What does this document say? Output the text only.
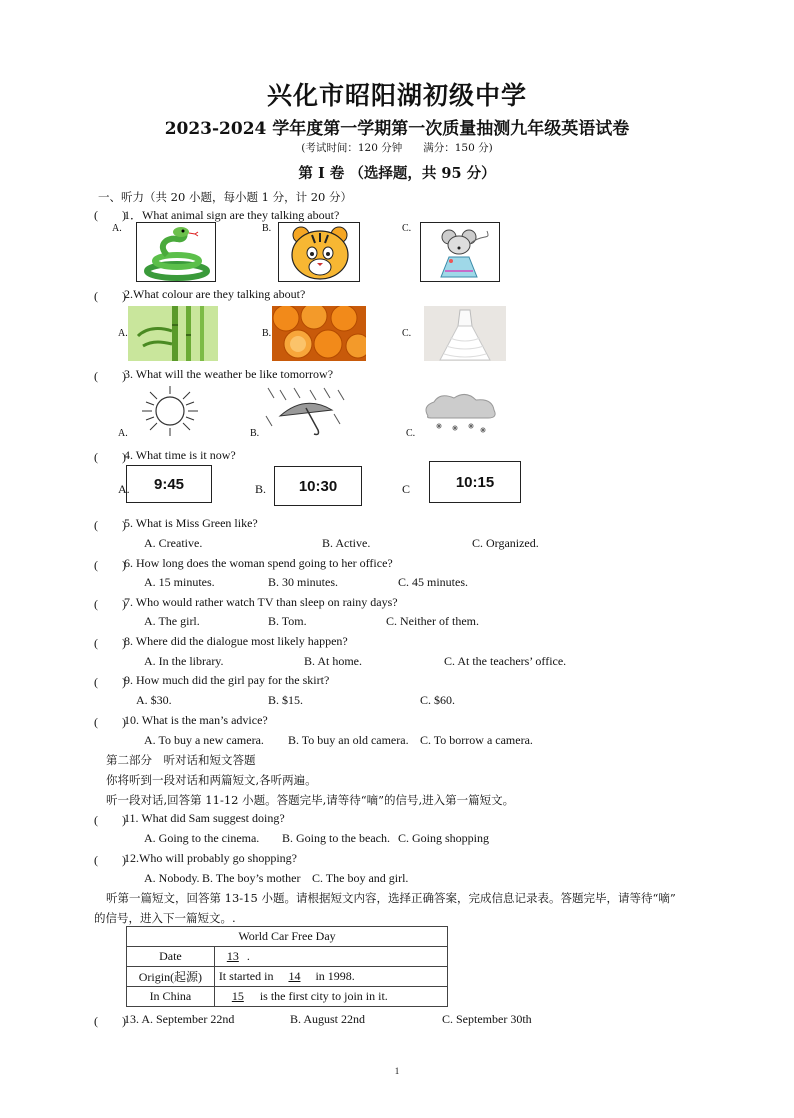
兴化市昭阳湖初级中学
2023-2024 学年度第一学期第一次质量抽测九年级英语试卷
(考试时间：120 分钟　　满分：150 分)
第 I 卷 （选择题，共 95 分）
一、听力（共 20 小题，每小题 1 分，计 20 分）
(　　)
1．What animal sign are they talking about?
A.	B.	C.
(　　)
2.What colour are they talking about?
A.	B.	C.
(　　)
3. What will the weather be like tomorrow?
A.	B.	C.
(　　)
4. What time is it now?
A.	B.	C
9:45	10:30	10:15
(　　)
5. What is Miss Green like?
A. Creative.	B. Active.	C. Organized.
(　　)
6. How long does the woman spend going to her office?
A. 15 minutes.	B. 30 minutes.	C. 45 minutes.
(　　)
7. Who would rather watch TV than sleep on rainy days?
A. The girl.	B. Tom.	C. Neither of them.
(　　)
8. Where did the dialogue most likely happen?
A. In the library.	B. At home.	C. At the teachers’ office.
(　　)
9. How much did the girl pay for the skirt?
A. $30.	B. $15.	C. $60.
(　　)
10. What is the man’s advice?
A. To buy a new camera. B. To buy an old camera. C. To borrow a camera.
第二部分　听对话和短文答题
你将听到一段对话和两篇短文,各听两遍。
听一段对话,回答第 11-12 小题。答题完毕,请等待“嘀”的信号,进入第一篇短文。
(　　)
11. What did Sam suggest doing?
A. Going to the cinema. B. Going to the beach. C. Going shopping
(　　)
12.Who will probably go shopping?
A. Nobody. B. The boy’s mother C. The boy and girl.
听第一篇短文，回答第 13-15 小题。请根据短文内容，选择正确答案，完成信息记录表。答题完毕，请等待“嘀”
的信号，进入下一篇短文。.
World Car Free Day	
Date	13 .
Origin(起源)	It started in 14 in 1998.
In China	15 is the first city to join in it.
(　　)
13. A. September 22nd	B. August 22nd	C. September 30th
1
